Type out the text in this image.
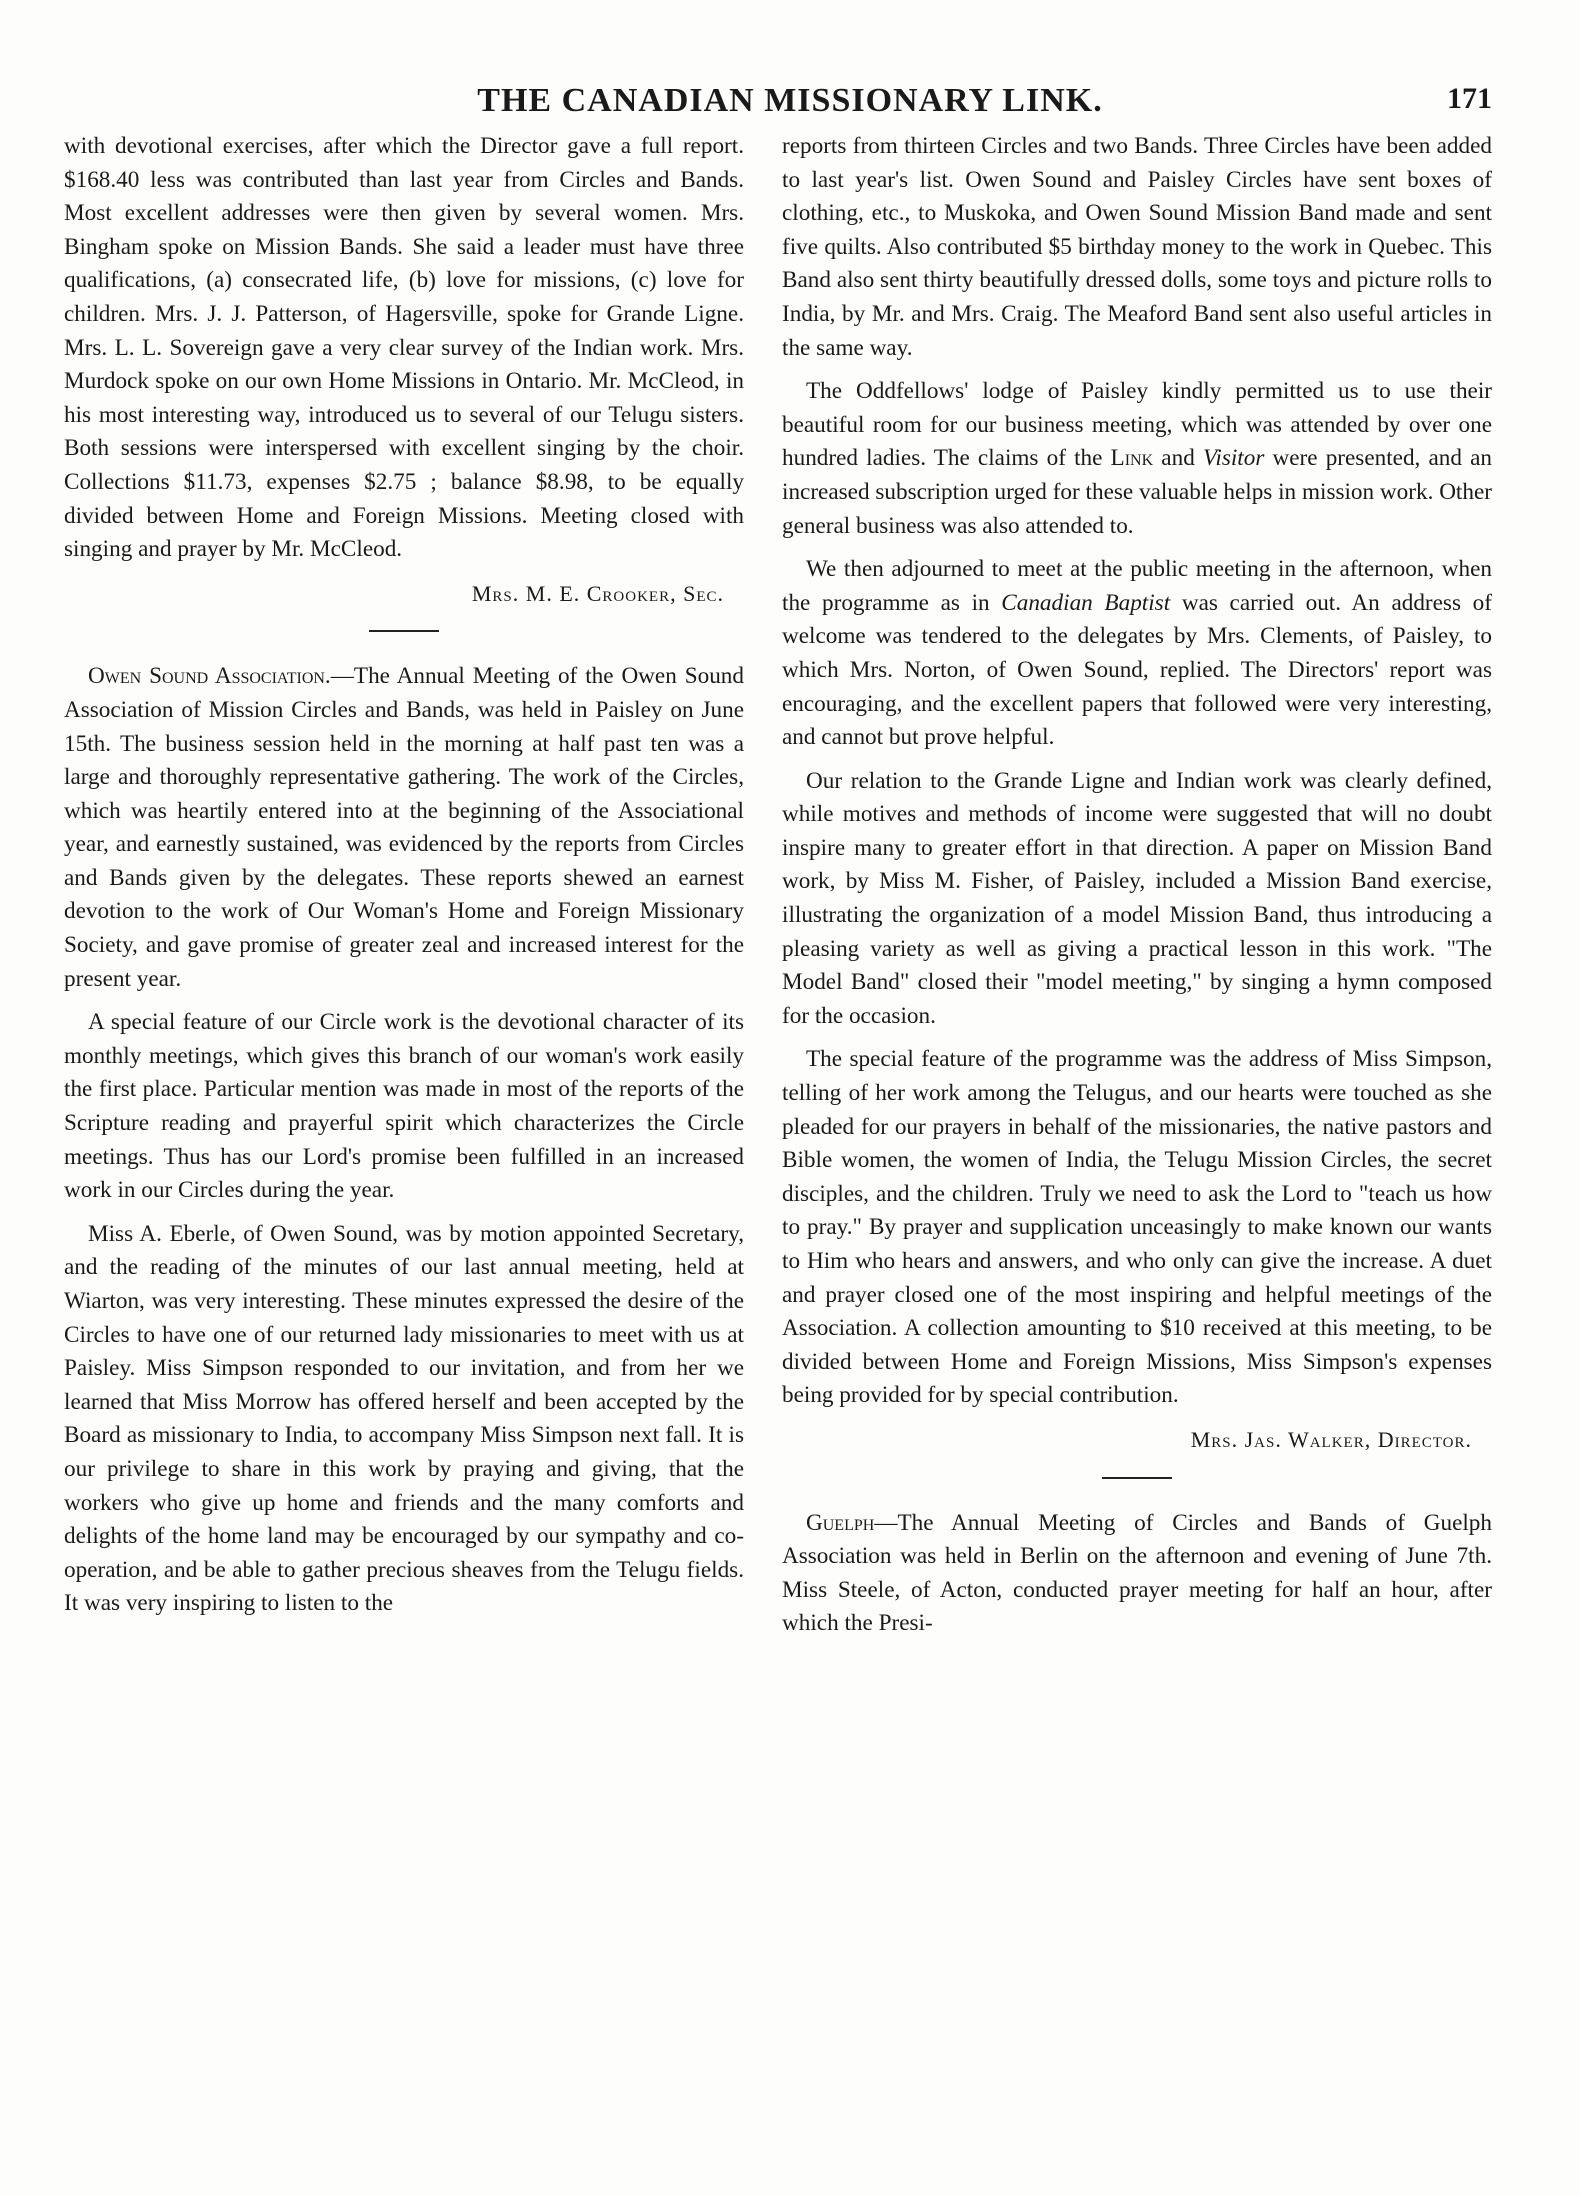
THE CANADIAN MISSIONARY LINK.	171

with devotional exercises, after which the Director gave a full report. $168.40 less was contributed than last year from Circles and Bands. Most excellent addresses were then given by several women. Mrs. Bingham spoke on Mission Bands. She said a leader must have three qualifications, (a) consecrated life, (b) love for missions, (c) love for children. Mrs. J. J. Patterson, of Hagersville, spoke for Grande Ligne. Mrs. L. L. Sovereign gave a very clear survey of the Indian work. Mrs. Murdock spoke on our own Home Missions in Ontario. Mr. McCleod, in his most interesting way, introduced us to several of our Telugu sisters. Both sessions were interspersed with excellent singing by the choir. Collections $11.73, expenses $2.75 ; balance $8.98, to be equally divided between Home and Foreign Missions. Meeting closed with singing and prayer by Mr. McCleod.

Mrs. M. E. Crooker, Sec.

Owen Sound Association.—The Annual Meeting of the Owen Sound Association of Mission Circles and Bands, was held in Paisley on June 15th. The business session held in the morning at half past ten was a large and thoroughly representative gathering. The work of the Circles, which was heartily entered into at the beginning of the Associational year, and earnestly sustained, was evidenced by the reports from Circles and Bands given by the delegates. These reports shewed an earnest devotion to the work of Our Woman's Home and Foreign Missionary Society, and gave promise of greater zeal and increased interest for the present year.

A special feature of our Circle work is the devotional character of its monthly meetings, which gives this branch of our woman's work easily the first place. Particular mention was made in most of the reports of the Scripture reading and prayerful spirit which characterizes the Circle meetings. Thus has our Lord's promise been fulfilled in an increased work in our Circles during the year.

Miss A. Eberle, of Owen Sound, was by motion appointed Secretary, and the reading of the minutes of our last annual meeting, held at Wiarton, was very interesting. These minutes expressed the desire of the Circles to have one of our returned lady missionaries to meet with us at Paisley. Miss Simpson responded to our invitation, and from her we learned that Miss Morrow has offered herself and been accepted by the Board as missionary to India, to accompany Miss Simpson next fall. It is our privilege to share in this work by praying and giving, that the workers who give up home and friends and the many comforts and delights of the home land may be encouraged by our sympathy and co-operation, and be able to gather precious sheaves from the Telugu fields. It was very inspiring to listen to the

reports from thirteen Circles and two Bands. Three Circles have been added to last year's list. Owen Sound and Paisley Circles have sent boxes of clothing, etc., to Muskoka, and Owen Sound Mission Band made and sent five quilts. Also contributed $5 birthday money to the work in Quebec. This Band also sent thirty beautifully dressed dolls, some toys and picture rolls to India, by Mr. and Mrs. Craig. The Meaford Band sent also useful articles in the same way.

The Oddfellows' lodge of Paisley kindly permitted us to use their beautiful room for our business meeting, which was attended by over one hundred ladies. The claims of the Link and Visitor were presented, and an increased subscription urged for these valuable helps in mission work. Other general business was also attended to.

We then adjourned to meet at the public meeting in the afternoon, when the programme as in Canadian Baptist was carried out. An address of welcome was tendered to the delegates by Mrs. Clements, of Paisley, to which Mrs. Norton, of Owen Sound, replied. The Directors' report was encouraging, and the excellent papers that followed were very interesting, and cannot but prove helpful.

Our relation to the Grande Ligne and Indian work was clearly defined, while motives and methods of income were suggested that will no doubt inspire many to greater effort in that direction. A paper on Mission Band work, by Miss M. Fisher, of Paisley, included a Mission Band exercise, illustrating the organization of a model Mission Band, thus introducing a pleasing variety as well as giving a practical lesson in this work. "The Model Band" closed their "model meeting," by singing a hymn composed for the occasion.

The special feature of the programme was the address of Miss Simpson, telling of her work among the Telugus, and our hearts were touched as she pleaded for our prayers in behalf of the missionaries, the native pastors and Bible women, the women of India, the Telugu Mission Circles, the secret disciples, and the children. Truly we need to ask the Lord to "teach us how to pray." By prayer and supplication unceasingly to make known our wants to Him who hears and answers, and who only can give the increase. A duet and prayer closed one of the most inspiring and helpful meetings of the Association. A collection amounting to $10 received at this meeting, to be divided between Home and Foreign Missions, Miss Simpson's expenses being provided for by special contribution.

Mrs. Jas. Walker, Director.

Guelph—The Annual Meeting of Circles and Bands of Guelph Association was held in Berlin on the afternoon and evening of June 7th. Miss Steele, of Acton, conducted prayer meeting for half an hour, after which the Presi-
